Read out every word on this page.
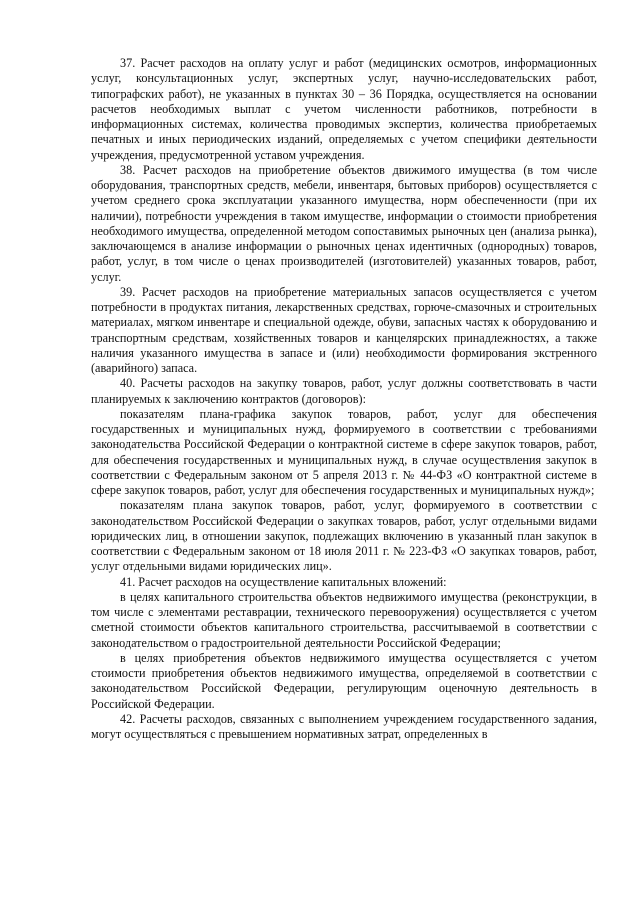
37. Расчет расходов на оплату услуг и работ (медицинских осмотров, информационных услуг, консультационных услуг, экспертных услуг, научно-исследовательских работ, типографских работ), не указанных в пунктах 30 – 36 Порядка, осуществляется на основании расчетов необходимых выплат с учетом численности работников, потребности в информационных системах, количества проводимых экспертиз, количества приобретаемых печатных и иных периодических изданий, определяемых с учетом специфики деятельности учреждения, предусмотренной уставом учреждения.

38. Расчет расходов на приобретение объектов движимого имущества (в том числе оборудования, транспортных средств, мебели, инвентаря, бытовых приборов) осуществляется с учетом среднего срока эксплуатации указанного имущества, норм обеспеченности (при их наличии), потребности учреждения в таком имуществе, информации о стоимости приобретения необходимого имущества, определенной методом сопоставимых рыночных цен (анализа рынка), заключающемся в анализе информации о рыночных ценах идентичных (однородных) товаров, работ, услуг, в том числе о ценах производителей (изготовителей) указанных товаров, работ, услуг.

39. Расчет расходов на приобретение материальных запасов осуществляется с учетом потребности в продуктах питания, лекарственных средствах, горюче-смазочных и строительных материалах, мягком инвентаре и специальной одежде, обуви, запасных частях к оборудованию и транспортным средствам, хозяйственных товаров и канцелярских принадлежностях, а также наличия указанного имущества в запасе и (или) необходимости формирования экстренного (аварийного) запаса.

40. Расчеты расходов на закупку товаров, работ, услуг должны соответствовать в части планируемых к заключению контрактов (договоров):

показателям плана-графика закупок товаров, работ, услуг для обеспечения государственных и муниципальных нужд, формируемого в соответствии с требованиями законодательства Российской Федерации о контрактной системе в сфере закупок товаров, работ, для обеспечения государственных и муниципальных нужд, в случае осуществления закупок в соответствии с Федеральным законом от 5 апреля 2013 г. № 44-ФЗ «О контрактной системе в сфере закупок товаров, работ, услуг для обеспечения государственных и муниципальных нужд»;

показателям плана закупок товаров, работ, услуг, формируемого в соответствии с законодательством Российской Федерации о закупках товаров, работ, услуг отдельными видами юридических лиц, в отношении закупок, подлежащих включению в указанный план закупок в соответствии с Федеральным законом от 18 июля 2011 г. № 223-ФЗ «О закупках товаров, работ, услуг отдельными видами юридических лиц».

41. Расчет расходов на осуществление капитальных вложений:

в целях капитального строительства объектов недвижимого имущества (реконструкции, в том числе с элементами реставрации, технического перевооружения) осуществляется с учетом сметной стоимости объектов капитального строительства, рассчитываемой в соответствии с законодательством о градостроительной деятельности Российской Федерации;

в целях приобретения объектов недвижимого имущества осуществляется с учетом стоимости приобретения объектов недвижимого имущества, определяемой в соответствии с законодательством Российской Федерации, регулирующим оценочную деятельность в Российской Федерации.

42. Расчеты расходов, связанных с выполнением учреждением государственного задания, могут осуществляться с превышением нормативных затрат, определенных в
